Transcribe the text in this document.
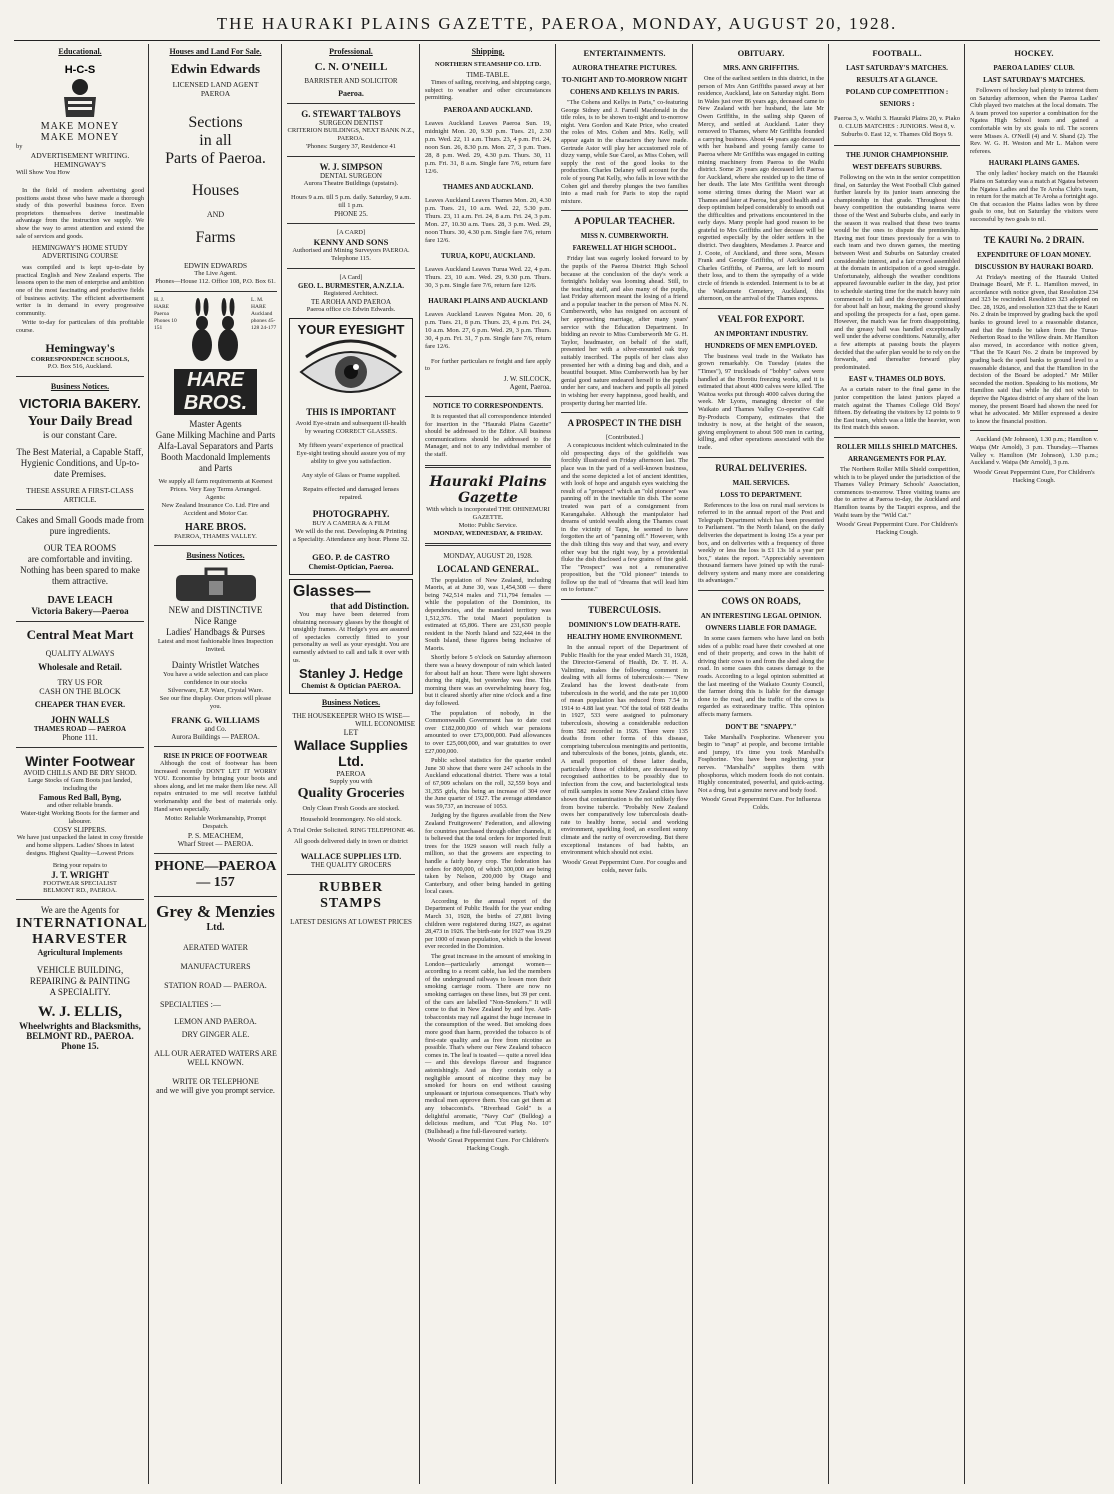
THE HAURAKI PLAINS GAZETTE, PAEROA, MONDAY, AUGUST 20, 1928.
Educational.
H-C-S
MAKE MONEY
MAKE MONEY
by
ADVERTISEMENT WRITING.
HEMINGWAY'S
Will Show You How

In the field of modern advertising good positions assist those who have made a thorough study of this powerful business force. Even proprietors themselves derive inestimable advantage from the instruction we supply. We show the way to arrest attention and extend the sale of services and goods.

HEMINGWAY'S HOME STUDY ADVERTISING COURSE

was compiled and is kept up-to-date by practical English and New Zealand experts. The lessons open to the men of enterprise and ambition one of the most fascinating and productive fields of business activity. The efficient advertisement writer is in demand in every progressive community.

Write to-day for particulars of this profitable course.

Hemingway's
CORRESPONDENCE SCHOOLS,
P.O. Box 516, Auckland.
Business Notices.
VICTORIA BAKERY.
Your Daily Bread
is our constant Care.
The Best Material, a Capable Staff, Hygienic Conditions, and Up-to-date Premises.
THESE ASSURE A FIRST-CLASS ARTICLE.
Cakes and Small Goods made from pure ingredients.
OUR TEA ROOMS
are comfortable and inviting. Nothing has been spared to make them attractive.
DAVE LEACH
Victoria Bakery—Paeroa
Central Meat Mart
QUALITY ALWAYS
Wholesale and Retail.
TRY US FOR
CASH ON THE BLOCK
CHEAPER THAN EVER.
JOHN WALLS
THAMES ROAD — PAEROA
Phone 111.
Winter Footwear
AVOID CHILLS AND BE DRY SHOD.
Large Stocks of Gum Boots just landed, including the
Famous Red Ball, Byng,
and other reliable brands.
Water-tight Working Boots for the farmer and labourer.
COSY SLIPPERS.
We have just unpacked the latest in cosy fireside and home slippers. Ladies' Shoes in latest designs. Highest Quality—Lowest Prices
Bring your repairs to
J. T. WRIGHT
FOOTWEAR SPECIALIST
BELMONT RD., PAEROA.
We are the Agents for
INTERNATIONAL
HARVESTER
Agricultural Implements
VEHICLE BUILDING,
REPAIRING & PAINTING
A SPECIALITY.
W. J. ELLIS,
Wheelwrights and Blacksmiths,
BELMONT RD., PAEROA.
Phone 15.
Houses and Land For Sale.
Edwin Edwards
LICENSED LAND AGENT
PAEROA
Sections
in all
Parts of Paeroa.
Houses
AND
Farms
EDWIN EDWARDS
The Live Agent.
Phones—House 112. Office 108, P.O. Box 61.
H. J. HARE Paeroa Phones 10 151
L. M. HARE Auckland phones 45-128 24-177
HARE BROS.
Master Agents
Gane Milking Machine and Parts
Alfa-Laval Separators and Parts
Booth Macdonald Implements and Parts
We supply all farm requirements at Keenest Prices. Very Easy Terms Arranged.
Agents:
New Zealand Insurance Co. Ltd. Fire and Accident and Motor Car.
HARE BROS.
PAEROA, THAMES VALLEY.
Business Notices.
NEW and DISTINCTIVE
Nice Range
Ladies' Handbags & Purses
Latest and most fashionable lines Inspection Invited.
Dainty Wristlet Watches
You have a wide selection and can place confidence in our stocks
Silverware, E.P. Ware, Crystal Ware.
See our fine display. Our prices will please you.
FRANK G. WILLIAMS
and Co.
Aurora Buildings — PAEROA.
RISE IN PRICE OF FOOTWEAR

Although the cost of footwear has been increased recently DON'T LET IT WORRY YOU. Economise by bringing your boots and shoes along, and let me make them like new. All repairs entrusted to me will receive faithful workmanship and the best of materials only. Hand sewn especially.

Motto: Reliable Workmanship, Prompt Despatch.
P. S. MEACHEM,
Wharf Street — PAEROA.
PHONE—PAEROA — 157
Grey & Menzies
Ltd.
AERATED WATER
MANUFACTURERS
STATION ROAD — PAEROA.
SPECIALTIES :—
LEMON AND PAEROA.
DRY GINGER ALE.
ALL OUR AERATED WATERS ARE WELL KNOWN.
WRITE OR TELEPHONE
and we will give you prompt service.
Professional.
C. N. O'NEILL
BARRISTER AND SOLICITOR
Paeroa.
G. STEWART TALBOYS
SURGEON DENTIST
CRITERION BUILDINGS, NEXT BANK N.Z., PAEROA.
'Phones: Surgery 37, Residence 41
W. J. SIMPSON
DENTAL SURGEON
Aurora Theatre Buildings (upstairs).
Hours 9 a.m. till 5 p.m. daily. Saturday, 9 a.m. till 1 p.m.
PHONE 25.
[A CARD]
KENNY AND SONS
Authorised and Mining Surveyors PAEROA.
Telephone 115.
[A Card]
GEO. L. BURMESTER, A.N.Z.I.A.
Registered Architect.
TE AROHA AND PAEROA
Paeroa office c/o Edwin Edwards.
YOUR EYESIGHT
THIS IS IMPORTANT
Avoid Eye-strain and subsequent ill-health by wearing CORRECT GLASSES.
My fifteen years' experience of practical Eye-sight testing should assure you of my ability to give you satisfaction.
Any style of Glass or Frame supplied.
Repairs effected and damaged lenses repaired.
PHOTOGRAPHY.
BUY A CAMERA & A FILM
We will do the rest. Developing & Printing a Speciality. Attendance any hour. Phone 32.
GEO. P. de CASTRO
Chemist-Optician, Paeroa.
Glasses—
that add Distinction.

You may have been deterred from obtaining necessary glasses by the thought of unsightly frames. At Hedge's you are assured of spectacles correctly fitted to your personality as well as your eyesight. You are earnestly advised to call and talk it over with us.

Stanley J. Hedge
Chemist & Optician PAEROA.
Business Notices.
THE HOUSEKEEPER WHO IS WISE—
WILL ECONOMISE
LET
Wallace Supplies Ltd.
PAEROA
Supply you with
Quality Groceries
Only Clean Fresh Goods are stocked.
Household Ironmongery. No old stock.
A Trial Order Solicited. RING TELEPHONE 46.
All goods delivered daily in town or district
WALLACE SUPPLIES LTD.
THE QUALITY GROCERS
RUBBER STAMPS
LATEST DESIGNS AT LOWEST PRICES
Shipping.
NORTHERN STEAMSHIP CO. LTD.
TIME-TABLE.

Times of sailing, receiving, and shipping cargo, subject to weather and other circumstances permitting.

PAEROA AND AUCKLAND.

Leaves Auckland Leaves Paeroa Sun. 19, midnight Mon. 20, 9.30 p.m. Tues. 21, 2.30 p.m. Wed. 22, 11 a.m. Thurs. 23, 4 p.m. Fri. 24, noon Sun. 26, 8.30 p.m. Mon. 27, 3 p.m. Tues. 28, 8 p.m. Wed. 29, 4.30 p.m. Thurs. 30, 11 p.m. Fri. 31, 8 a.m. Single fare 7/6, return fare 12/6.

THAMES AND AUCKLAND.

Leaves Auckland Leaves Thames Mon. 20, 4.30 p.m. Tues. 21, 10 a.m. Wed. 22, 5.30 p.m. Thurs. 23, 11 a.m. Fri. 24, 8 a.m. Fri. 24, 3 p.m. Mon. 27, 10.30 a.m. Tues. 28, 3 p.m. Wed. 29, noon Thurs. 30, 4.30 p.m. Single fare 7/6, return fare 12/6.

TURUA, KOPU, AUCKLAND.

Leaves Auckland Leaves Turua Wed. 22, 4 p.m. Thurs. 23, 10 a.m. Wed. 29, 9.30 p.m. Thurs. 30, 3 p.m. Single fare 7/6, return fare 12/6.

HAURAKI PLAINS AND AUCKLAND

Leaves Auckland Leaves Ngatea Mon. 20, 6 p.m. Tues. 21, 8 p.m. Thurs. 23, 4 p.m. Fri. 24, 10 a.m. Mon. 27, 6 p.m. Wed. 29, 3 p.m. Thurs. 30, 4 p.m. Fri. 31, 7 p.m. Single fare 7/6, return fare 12/6.

For further particulars re freight and fare apply to

J. W. SILCOCK,
Agent, Paeroa.
NOTICE TO CORRESPONDENTS.

It is requested that all correspondence intended for insertion in the "Hauraki Plains Gazette" should be addressed to the Editor. All business communications should be addressed to the Manager, and not to any individual member of the staff.

Hauraki Plains Gazette
With which is incorporated THE OHINEMURI GAZETTE.
Motto: Public Service.
MONDAY, WEDNESDAY, & FRIDAY.
MONDAY, AUGUST 20, 1928.
LOCAL AND GENERAL.

The population of New Zealand, including Maoris, at at June 30, was 1,454,308 — there being 742,514 males and 711,794 females — while the population of the Dominion, its dependencies, and the mandated territory was 1,512,376. The total Maori population is estimated at 65,806. There are 231,630 people resident in the North Island and 522,444 in the South Island, these figures being inclusive of Maoris.

Shortly before 5 o'clock on Saturday afternoon there was a heavy downpour of rain which lasted for about half an hour. There were light showers during the night, but yesterday was fine. This morning there was an overwhelming heavy fog, but it cleared shortly after nine o'clock and a fine day followed.

The population of nobody, in the Commonwealth Government has to date cost over £182,000,000 of which war pensions amounted to over £73,000,000. Paid allowances to over £25,000,000, and war gratuities to over £27,000,000.

Public school statistics for the quarter ended June 30 show that there were 247 schools in the Auckland educational district. There was a total of 67,909 scholars on the roll, 32,559 boys and 31,355 girls, this being an increase of 304 over the June quarter of 1927. The average attendance was 59,737, an increase of 1053.

Judging by the figures available from the New Zealand Fruitgrowers' Federation, and allowing for countries purchased through other channels, it is believed that the total orders for imported fruit trees for the 1929 season will reach fully a million, so that the growers are expecting to handle a fairly heavy crop. The federation has orders for 800,000, of which 300,000 are being taken by Nelson, 200,000 by Otago and Canterbury, and other being handed in getting local cases.

According to the annual report of the Department of Public Health for the year ending March 31, 1928, the births of 27,881 living children were registered during 1927, as against 28,473 in 1926. The birth-rate for 1927 was 19.29 per 1000 of mean population, which is the lowest ever recorded in the Dominion.

The great increase in the amount of smoking in London—particularly amongst women—according to a recent cable, has led the members of the underground railways to lessen mon their smoking carriage room. There are now no smoking carriages on these lines, but 39 per cent. of the cars are labelled "Non-Smokers." It will come to that in New Zealand by and bye. Anti-tobacconists may rail against the huge increase in the consumption of the weed. But smoking does more good than harm, provided the tobacco is of first-rate quality and as free from nicotine as possible. That's where our New Zealand tobacco comes in. The leaf is toasted — quite a novel idea — and this develops flavour and fragrance astonishingly. And as they contain only a negligible amount of nicotine they may be smoked for hours on end without causing unpleasant or injurious consequences. That's why medical men approve them. You can get them at any tobacconist's. "Riverhead Gold" is a delightful aromatic, "Navy Cut" (Bulldog) a delicious medium, and "Cut Plug No. 10" (Bullshead) a fine full-flavoured variety.

Woods' Great Peppermint Cure. For Children's Hacking Cough.
ENTERTAINMENTS.
AURORA THEATRE PICTURES.
TO-NIGHT AND TO-MORROW NIGHT
COHENS AND KELLYS IN PARIS.

"The Cohens and Kellys in Paris," co-featuring George Sidney and J. Farrell Macdonald in the title roles, is to be shown to-night and to-morrow night. Vera Gordon and Kate Price, who created the roles of Mrs. Cohen and Mrs. Kelly, will appear again in the characters they have made. Gertrude Astor will play her accustomed role of dizzy vamp, while Sue Carol, as Miss Cohen, will supply the rest of the good looks to the production. Charles Delaney will account for the role of young Pat Kelly, who falls in love with the Cohen girl and thereby plunges the two families into a mad rush for Paris to stop the rapid mixture.

A POPULAR TEACHER.
MISS N. CUMBERWORTH.
FAREWELL AT HIGH SCHOOL.

Friday last was eagerly looked forward to by the pupils of the Paeroa District High School because at the conclusion of the day's work a fortnight's holiday was looming ahead. Still, to the teaching staff, and also many of the pupils, last Friday afternoon meant the losing of a friend and a popular teacher in the person of Miss N. N. Cumberworth, who has resigned on account of her approaching marriage, after many years' service with the Education Department. In bidding an revoir to Miss Cumberworth Mr G. H. Taylor, headmaster, on behalf of the staff, presented her with a silver-mounted oak tray suitably inscribed. The pupils of her class also presented her with a dining bag and dish, and a beautiful bouquet. Miss Cumberworth has by her genial good nature endeared herself to the pupils under her care, and teachers and pupils all joined in wishing her every happiness, good health, and prosperity during her married life.

A PROSPECT IN THE DISH
[Contributed.]

A conspicuous incident which culminated in the old prospecting days of the goldfields was forcibly illustrated on Friday afternoon last. The place was in the yard of a well-known business, and the scene depicted a lot of ancient identities, with look of hope and anguish eyes watching the result of a "prospect" which an "old pioneer" was panning off in the inevitable tin dish. The scene treated was part of a consignment from Karangahake. Although the manipulator had dreams of untold wealth along the Thames coast in the vicinity of Tapu, he seemed to have forgotten the art of "panning off." However, with the dish tilting this way and that way, and every other way but the right way, by a providential fluke the dish disclosed a few grains of fine gold. The "Prospect" was not a remunerative proposition, but the "Old pioneer" intends to follow up the trail of "dreams that will lead him on to fortune."

TUBERCULOSIS.
DOMINION'S LOW DEATH-RATE.
HEALTHY HOME ENVIRONMENT.

In the annual report of the Department of Public Health for the year ended March 31, 1928, the Director-General of Health, Dr. T. H. A. Valintine, makes the following comment in dealing with all forms of tuberculosis:— "New Zealand has the lowest death-rate from tuberculosis in the world, and the rate per 10,000 of mean population has reduced from 7.54 in 1914 to 4.88 last year. "Of the total of 668 deaths in 1927, 533 were assigned to pulmonary tuberculosis, showing a considerable reduction from 582 recorded in 1926. There were 135 deaths from other forms of this disease, comprising tuberculous meningitis and peritonitis, and tuberculosis of the bones, joints, glands, etc. A small proportion of these latter deaths, particularly those of children, are decreased by recognised authorities to be possibly due to infection from the cow, and bacteriological tests of milk samples in some New Zealand cities have shown that contamination is the not unlikely flow from bovine tubercle. "Probably New Zealand owes her comparatively low tuberculosis death-rate to healthy home, social and working environment, sparkling food, an excellent sunny climate and the rarity of overcrowding. But there exceptional instances of bad habits, an environment which should not exist.

Woods' Great Peppermint Cure. For coughs and colds, never fails.
OBITUARY.
MRS. ANN GRIFFITHS.

One of the earliest settlers in this district, in the person of Mrs Ann Griffiths passed away at her residence, Auckland, late on Saturday night. Born in Wales just over 86 years ago, deceased came to New Zealand with her husband, the late Mr Owen Griffiths, in the sailing ship Queen of Mercy, and settled at Auckland. Later they removed to Thames, where Mr Griffiths founded a carrying business. About 44 years ago deceased with her husband and young family came to Paeroa where Mr Griffiths was engaged in cutting mining machinery from Paeroa to the Waihi district. Some 26 years ago deceased left Paeroa for Auckland, where she resided up to the time of her death. The late Mrs Griffiths went through some stirring times during the Maori war at Thames and later at Paeroa, but good health and a deep optimism helped considerably to smooth out the difficulties and privations encountered in the early days. Many people had good reason to be grateful to Mrs Griffiths and her decease will be regretted especially by the older settlers in the district. Two daughters, Mesdames J. Pearce and J. Coote, of Auckland, and three sons, Messrs Frank and George Griffiths, of Auckland and Charles Griffiths, of Paeroa, are left to mourn their loss, and to them the sympathy of a wide circle of friends is extended. Interment is to be at the Waikumete Cemetery, Auckland, this afternoon, on the arrival of the Thames express.

VEAL FOR EXPORT.
AN IMPORTANT INDUSTRY.
HUNDREDS OF MEN EMPLOYED.

The business veal trade in the Waikato has grown remarkably. On Tuesday (states the "Times"), 97 truckloads of "bobby" calves were handled at the Horotiu freezing works, and it is estimated that about 4000 calves were killed. The Waitoa works put through 4000 calves during the week. Mr Lyons, managing director of the Waikato and Thames Valley Co-operative Calf By-Products Company, estimates that the industry is now, at the height of the season, giving employment to about 500 men in carting, killing, and other operations associated with the trade.

RURAL DELIVERIES.
MAIL SERVICES.
LOSS TO DEPARTMENT.

References to the loss on rural mail services is referred to in the annual report of the Post and Telegraph Department which has been presented to Parliament. "In the North Island, on the daily deliveries the department is losing 15s a year per box, and on deliveries with a frequency of three weekly or less the loss is £1 13s 1d a year per box," states the report. "Appreciably seventeen thousand farmers have joined up with the rural-delivery system and many more are considering its advantages."

COWS ON ROADS,
AN INTERESTING LEGAL OPINION.
OWNERS LIABLE FOR DAMAGE.

In some cases farmers who have land on both sides of a public road have their cowshed at one end of their property, and cows in the habit of driving their cows to and from the shed along the road. In some cases this causes damage to the roads. According to a legal opinion submitted at the last meeting of the Waikato County Council, the farmer doing this is liable for the damage done to the road, and the traffic of the cows is regarded as extraordinary traffic. This opinion affects many farmers.

DON'T BE "SNAPPY."

Take Marshall's Fosphorine. Whenever you begin to "snap" at people, and become irritable and jumpy, it's time you took Marshall's Fosphorine. You have been neglecting your nerves. "Marshall's" supplies them with phosphorus, which modern foods do not contain. Highly concentrated, powerful, and quick-acting. Not a drug, but a genuine nerve and body food.

Woods' Great Peppermint Cure. For Influenza Colds.
FOOTBALL.
LAST SATURDAY'S MATCHES.
RESULTS AT A GLANCE.
POLAND CUP COMPETITION :
SENIORS :

Paeroa 3, v. Waihi 3. Hauraki Plains 20, v. Piako 0. CLUB MATCHES : JUNIORS. West 8, v. Suburbs 0. East 12, v. Thames Old Boys 9.

THE JUNIOR CHAMPIONSHIP.
WEST DEFEATS SUBURBS.

Following on the win in the senior competition final, on Saturday the West Football Club gained further laurels by its junior team annexing the championship in that grade. Throughout this heavy competition the outstanding teams were those of the West and Suburbs clubs, and early in the season it was realised that these two teams would be the ones to dispute the premiership. Having met four times previously for a win to each team and two drawn games, the meeting between West and Suburbs on Saturday created considerable interest, and a fair crowd assembled at the domain in anticipation of a good struggle. Unfortunately, although the weather conditions appeared favourable earlier in the day, just prior to schedule starting time for the match heavy rain commenced to fall and the downpour continued for about half an hour, making the ground slushy and spoiling the prospects for a fast, open game. However, the match was far from disappointing, and the greasy ball was handled exceptionally well under the adverse conditions. Naturally, after a few attempts at passing bouts the players decided that the safer plan would be to rely on the forwards, and thereafter forward play predominated.

EAST v. THAMES OLD BOYS.

As a curtain raiser to the final game in the junior competition the latest juniors played a match against the Thames College Old Boys' fifteen. By defeating the visitors by 12 points to 9 the East team, which was a little the heavier, won its first match this season.

ROLLER MILLS SHIELD MATCHES.
ARRANGEMENTS FOR PLAY.

The Northern Roller Mills Shield competition, which is to be played under the jurisdiction of the Thames Valley Primary Schools' Association, commences to-morrow. Three visiting teams are due to arrive at Paeroa to-day, the Auckland and Hamilton teams by the Taupiri express, and the Waihi team by the "Wild Cat."

Woods' Great Peppermint Cure. For Children's Hacking Cough.
HOCKEY.
PAEROA LADIES' CLUB.
LAST SATURDAY'S MATCHES.

Followers of hockey had plenty to interest them on Saturday afternoon, when the Paeroa Ladies' Club played two matches at the local domain. The A team proved too superior a combination for the Ngatea High School team and gained a comfortable win by six goals to nil. The scorers were Misses A. O'Neill (4) and V. Shand (2). The Rev. W. G. H. Weston and Mr L. Mahon were referees.

HAURAKI PLAINS GAMES.

The only ladies' hockey match on the Hauraki Plains on Saturday was a match at Ngatea between the Ngatea Ladies and the Te Aroha Club's team, in return for the match at Te Aroha a fortnight ago. On that occasion the Plains ladies won by three goals to one, but on Saturday the visitors were successful by two goals to nil.

TE KAURI No. 2 DRAIN.
EXPENDITURE OF LOAN MONEY.
DISCUSSION BY HAURAKI BOARD.

At Friday's meeting of the Hauraki United Drainage Board, Mr F. L. Hamilton moved, in accordance with notice given, that Resolution 234 and 323 be rescinded. Resolution 323 adopted on Dec. 28, 1926, and resolution 323 that the te Kauri No. 2 drain be improved by grading back the spoil banks to ground level to a reasonable distance, and that the funds be taken from the Turua-Netherton Road to the Willow drain. Mr Hamilton also moved, in accordance with notice given, "That the Te Kauri No. 2 drain be improved by grading back the spoil banks to ground level to a reasonable distance, and that the Hamilton in the decision of the Board be adopted." Mr Miller seconded the motion. Speaking to his motions, Mr Hamilton said that while he did not wish to deprive the Ngatea district of any share of the loan money, the present Board had shown the need for what he advocated. Mr Miller expressed a desire to know the financial position.

Auckland (Mr Johnson), 1.30 p.m.; Hamilton v. Waipa (Mr Arnold), 3 p.m. Thursday.—Thames Valley v. Hamilton (Mr Johnson), 1.30 p.m.; Auckland v. Waipa (Mr Arnold), 3 p.m.

Woods' Great Peppermint Cure, For Children's Hacking Cough.
